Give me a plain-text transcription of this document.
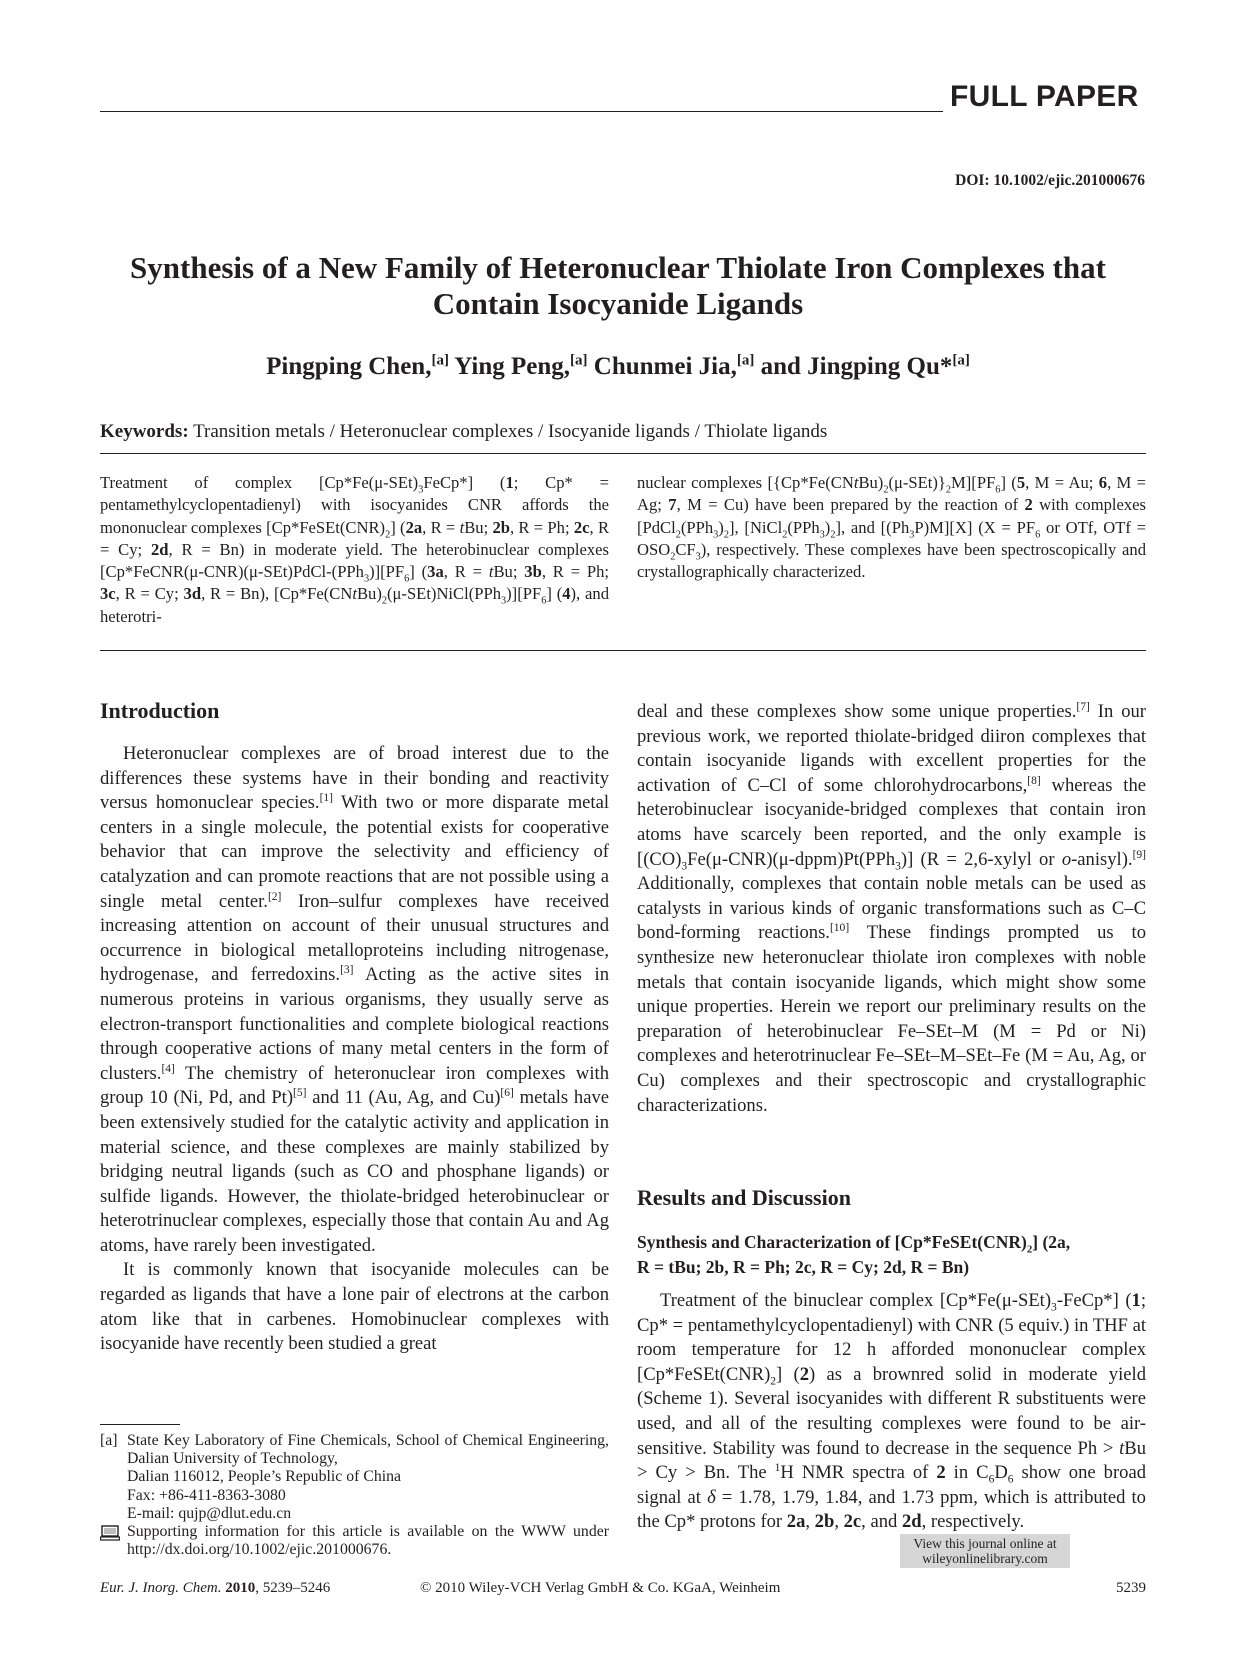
FULL PAPER
DOI: 10.1002/ejic.201000676
Synthesis of a New Family of Heteronuclear Thiolate Iron Complexes that
Contain Isocyanide Ligands
Pingping Chen,[a] Ying Peng,[a] Chunmei Jia,[a] and Jingping Qu*[a]
Keywords: Transition metals / Heteronuclear complexes / Isocyanide ligands / Thiolate ligands
Treatment of complex $[Cp*Fe(\mu-SEt)_3FeCp*]$ (1; Cp* = pentamethylcyclopentadienyl) with isocyanides CNR affords the mononuclear complexes $[Cp*FeSEt(CNR)_2]$ (2a, R = tBu; 2b, R = Ph; 2c, R = Cy; 2d, R = Bn) in moderate yield. The heterobinuclear complexes $[Cp*FeCNR(\mu-CNR)(\mu-SEt)PdCl-(PPh_3)][PF_6]$ (3a, R = tBu; 3b, R = Ph; 3c, R = Cy; 3d, R = Bn), $[Cp*Fe(CNtBu)_2(\mu-SEt)NiCl(PPh_3)][PF_6]$ (4), and heterotri-
nuclear complexes $[\{Cp*Fe(CNtBu)_2(\mu-SEt)\}_2M][PF_6]$ (5, M = Au; 6, M = Ag; 7, M = Cu) have been prepared by the reaction of 2 with complexes $[PdCl_2(PPh_3)_2]$, $[NiCl_2(PPh_3)_2]$, and $[(Ph_3P)M][X] (X = PF_6$ or OTf, OTf = $OSO_2CF_3$), respectively. These complexes have been spectroscopically and crystallographically characterized.
Introduction

Heteronuclear complexes are of broad interest due to the differences these systems have in their bonding and reactivity versus homonuclear species.[1] With two or more disparate metal centers in a single molecule, the potential exists for cooperative behavior that can improve the selectivity and efficiency of catalyzation and can promote reactions that are not possible using a single metal center.[2] Iron–sulfur complexes have received increasing attention on account of their unusual structures and occurrence in biological metalloproteins including nitrogenase, hydrogenase, and ferredoxins.[3] Acting as the active sites in numerous proteins in various organisms, they usually serve as electron-transport functionalities and complete biological reactions through cooperative actions of many metal centers in the form of clusters.[4] The chemistry of heteronuclear iron complexes with group 10 (Ni, Pd, and Pt)[5] and 11 (Au, Ag, and Cu)[6] metals have been extensively studied for the catalytic activity and application in material science, and these complexes are mainly stabilized by bridging neutral ligands (such as CO and phosphane ligands) or sulfide ligands. However, the thiolate-bridged heterobinuclear or heterotrinuclear complexes, especially those that contain Au and Ag atoms, have rarely been investigated.

It is commonly known that isocyanide molecules can be regarded as ligands that have a lone pair of electrons at the carbon atom like that in carbenes. Homobinuclear complexes with isocyanide have recently been studied a great

deal and these complexes show some unique properties.[7] In our previous work, we reported thiolate-bridged diiron complexes that contain isocyanide ligands with excellent properties for the activation of C–Cl of some chlorohydrocarbons,[8] whereas the heterobinuclear isocyanide-bridged complexes that contain iron atoms have scarcely been reported, and the only example is $[(CO)_3Fe(\mu-CNR)(\mu-dppm)Pt(PPh_3)] (R$ = 2,6-xylyl or o-anisyl).[9] Additionally, complexes that contain noble metals can be used as catalysts in various kinds of organic transformations such as C–C bond-forming reactions.[10] These findings prompted us to synthesize new heteronuclear thiolate iron complexes with noble metals that contain isocyanide ligands, which might show some unique properties. Herein we report our preliminary results on the preparation of heterobinuclear Fe–SEt–M (M = Pd or Ni) complexes and heterotrinuclear Fe–SEt–M–SEt–Fe (M = Au, Ag, or Cu) complexes and their spectroscopic and crystallographic characterizations.

Results and Discussion
Synthesis and Characterization of $[Cp*FeSEt(CNR)_2]$ (2a,
R = tBu; 2b, R = Ph; 2c, R = Cy; 2d, R = Bn)

Treatment of the binuclear complex $[Cp*Fe(\mu-SEt)_3-FeCp*]$ (1; Cp* = pentamethylcyclopentadienyl) with CNR (5 equiv.) in THF at room temperature for 12 h afforded mononuclear complex $[Cp*FeSEt(CNR)_2]$ (2) as a brownred solid in moderate yield (Scheme 1). Several isocyanides with different R substituents were used, and all of the resulting complexes were found to be air-sensitive. Stability was found to decrease in the sequence Ph > tBu > Cy > Bn. The $^1$H NMR spectra of 2 in $C_6D_6$ show one broad signal at δ = 1.78, 1.79, 1.84, and 1.73 ppm, which is attributed to the Cp* protons for 2a, 2b, 2c, and 2d, respectively.

[a] State Key Laboratory of Fine Chemicals, School of Chemical Engineering, Dalian University of Technology,
Dalian 116012, People’s Republic of China
Fax: +86-411-8363-3080
E-mail: qujp@dlut.edu.cn
Supporting information for this article is available on the WWW under http://dx.doi.org/10.1002/ejic.201000676.	View this journal online at
wileyonlinelibrary.com
Eur. J. Inorg. Chem. 2010, 5239–5246	© 2010 Wiley-VCH Verlag GmbH & Co. KGaA, Weinheim	5239
